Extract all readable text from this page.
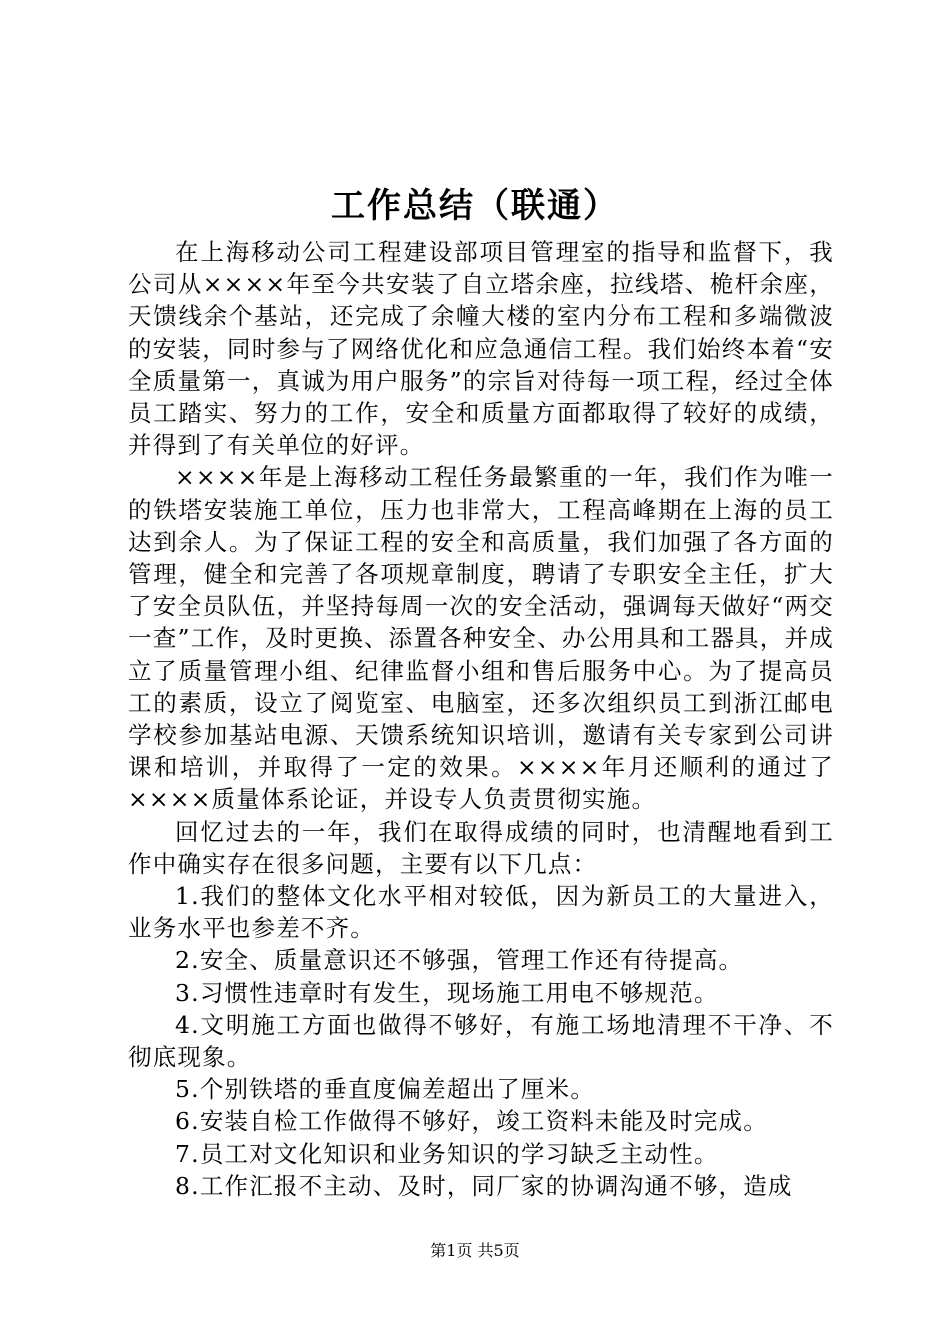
工作总结（联通）

在上海移动公司工程建设部项目管理室的指导和监督下，我公司从××××年至今共安装了自立塔余座，拉线塔、桅杆余座，天馈线余个基站，还完成了余幢大楼的室内分布工程和多端微波的安装，同时参与了网络优化和应急通信工程。我们始终本着“安全质量第一，真诚为用户服务”的宗旨对待每一项工程，经过全体员工踏实、努力的工作，安全和质量方面都取得了较好的成绩，并得到了有关单位的好评。

××××年是上海移动工程任务最繁重的一年，我们作为唯一的铁塔安装施工单位，压力也非常大，工程高峰期在上海的员工达到余人。为了保证工程的安全和高质量，我们加强了各方面的管理，健全和完善了各项规章制度，聘请了专职安全主任，扩大了安全员队伍，并坚持每周一次的安全活动，强调每天做好“两交一查”工作，及时更换、添置各种安全、办公用具和工器具，并成立了质量管理小组、纪律监督小组和售后服务中心。为了提高员工的素质，设立了阅览室、电脑室，还多次组织员工到浙江邮电学校参加基站电源、天馈系统知识培训，邀请有关专家到公司讲课和培训，并取得了一定的效果。××××年月还顺利的通过了××××质量体系论证，并设专人负责贯彻实施。

回忆过去的一年，我们在取得成绩的同时，也清醒地看到工作中确实存在很多问题，主要有以下几点：

1.我们的整体文化水平相对较低，因为新员工的大量进入，业务水平也参差不齐。

2.安全、质量意识还不够强，管理工作还有待提高。

3.习惯性违章时有发生，现场施工用电不够规范。

4.文明施工方面也做得不够好，有施工场地清理不干净、不彻底现象。

5.个别铁塔的垂直度偏差超出了厘米。

6.安装自检工作做得不够好，竣工资料未能及时完成。

7.员工对文化知识和业务知识的学习缺乏主动性。

8.工作汇报不主动、及时，同厂家的协调沟通不够，造成

第1页 共5页
